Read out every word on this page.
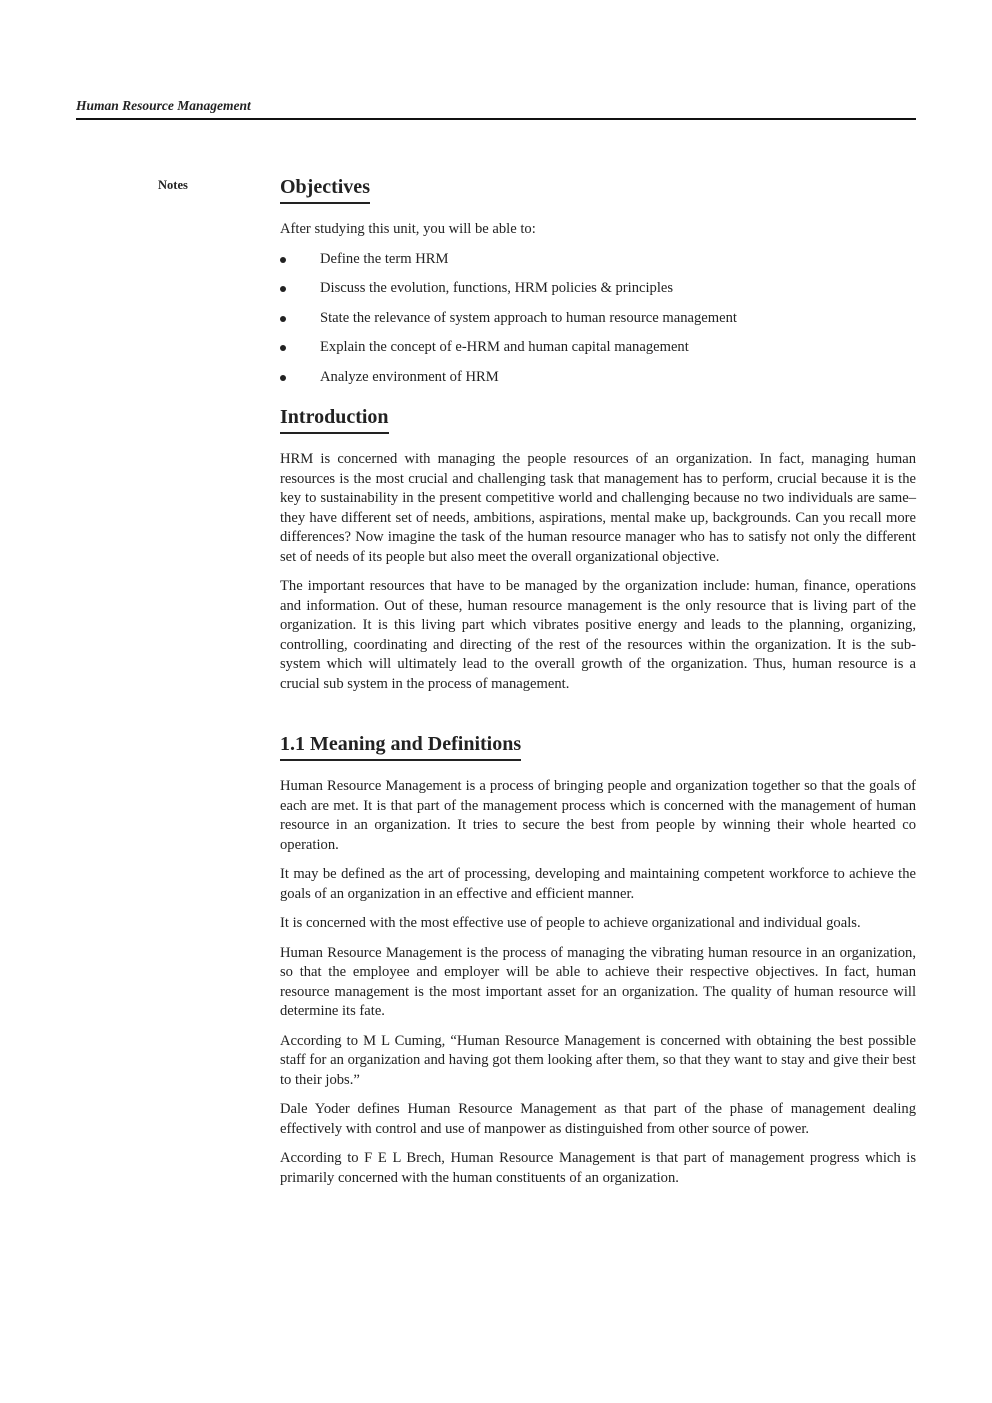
Human Resource Management
Notes	Objectives
After studying this unit, you will be able to:
Define the term HRM
Discuss the evolution, functions, HRM policies & principles
State the relevance of system approach to human resource management
Explain the concept of e-HRM and human capital management
Analyze environment of HRM
Introduction

HRM is concerned with managing the people resources of an organization. In fact, managing human resources is the most crucial and challenging task that management has to perform, crucial because it is the key to sustainability in the present competitive world and challenging because no two individuals are same–they have different set of needs, ambitions, aspirations, mental make up, backgrounds. Can you recall more differences? Now imagine the task of the human resource manager who has to satisfy not only the different set of needs of its people but also meet the overall organizational objective.

The important resources that have to be managed by the organization include: human, finance, operations and information. Out of these, human resource management is the only resource that is living part of the organization. It is this living part which vibrates positive energy and leads to the planning, organizing, controlling, coordinating and directing of the rest of the resources within the organization. It is the sub-system which will ultimately lead to the overall growth of the organization. Thus, human resource is a crucial sub system in the process of management.

1.1 Meaning and Definitions

Human Resource Management is a process of bringing people and organization together so that the goals of each are met. It is that part of the management process which is concerned with the management of human resource in an organization. It tries to secure the best from people by winning their whole hearted co operation.

It may be defined as the art of processing, developing and maintaining competent workforce to achieve the goals of an organization in an effective and efficient manner.

It is concerned with the most effective use of people to achieve organizational and individual goals.

Human Resource Management is the process of managing the vibrating human resource in an organization, so that the employee and employer will be able to achieve their respective objectives. In fact, human resource management is the most important asset for an organization. The quality of human resource will determine its fate.

According to M L Cuming, “Human Resource Management is concerned with obtaining the best possible staff for an organization and having got them looking after them, so that they want to stay and give their best to their jobs.”

Dale Yoder defines Human Resource Management as that part of the phase of management dealing effectively with control and use of manpower as distinguished from other source of power.

According to F E L Brech, Human Resource Management is that part of management progress which is primarily concerned with the human constituents of an organization.
